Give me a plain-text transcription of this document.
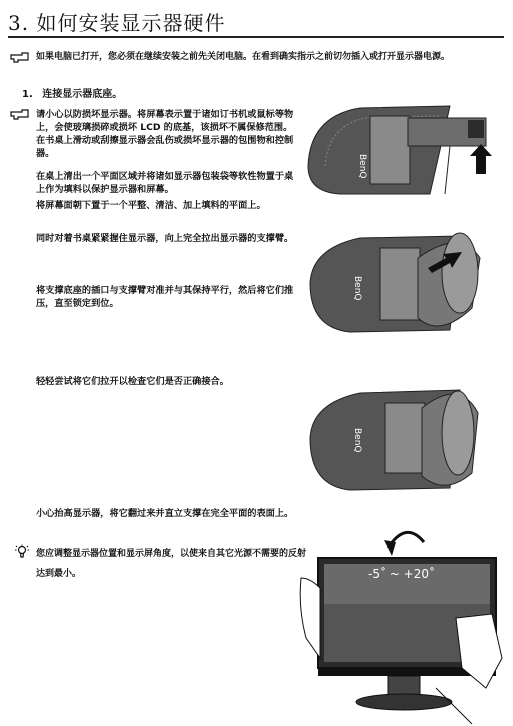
3. 如何安装显示器硬件
如果电脑已打开，您必须在继续安装之前先关闭电脑。在看到确实指示之前切勿插入或打开显示器电源。
1. 连接显示器底座。
请小心以防损坏显示器。将屏幕表示置于诸如订书机或鼠标等物上，会使玻璃损碎或损坏 LCD 的底基，该损坏不属保修范围。在书桌上滑动或刮擦显示器会乱伤或损坏显示器的包围物和控制器。
在桌上清出一个平面区域并将诸如显示器包装袋等软性物置于桌上作为填料以保护显示器和屏幕。
将屏幕面朝下置于一个平整、清洁、加上填料的平面上。
同时对着书桌紧紧握住显示器，向上完全拉出显示器的支撑臂。
将支撑底座的插口与支撑臂对准并与其保持平行，然后将它们推压，直至锁定到位。
轻轻尝试将它们拉开以检查它们是否正确接合。
小心抬高显示器，将它翻过来并直立支撑在完全平面的表面上。
您应调整显示器位置和显示屏角度，以使来自其它光源不需要的反射达到最小。
BenQ
BenQ
BenQ
-5˚ ~ +20˚
